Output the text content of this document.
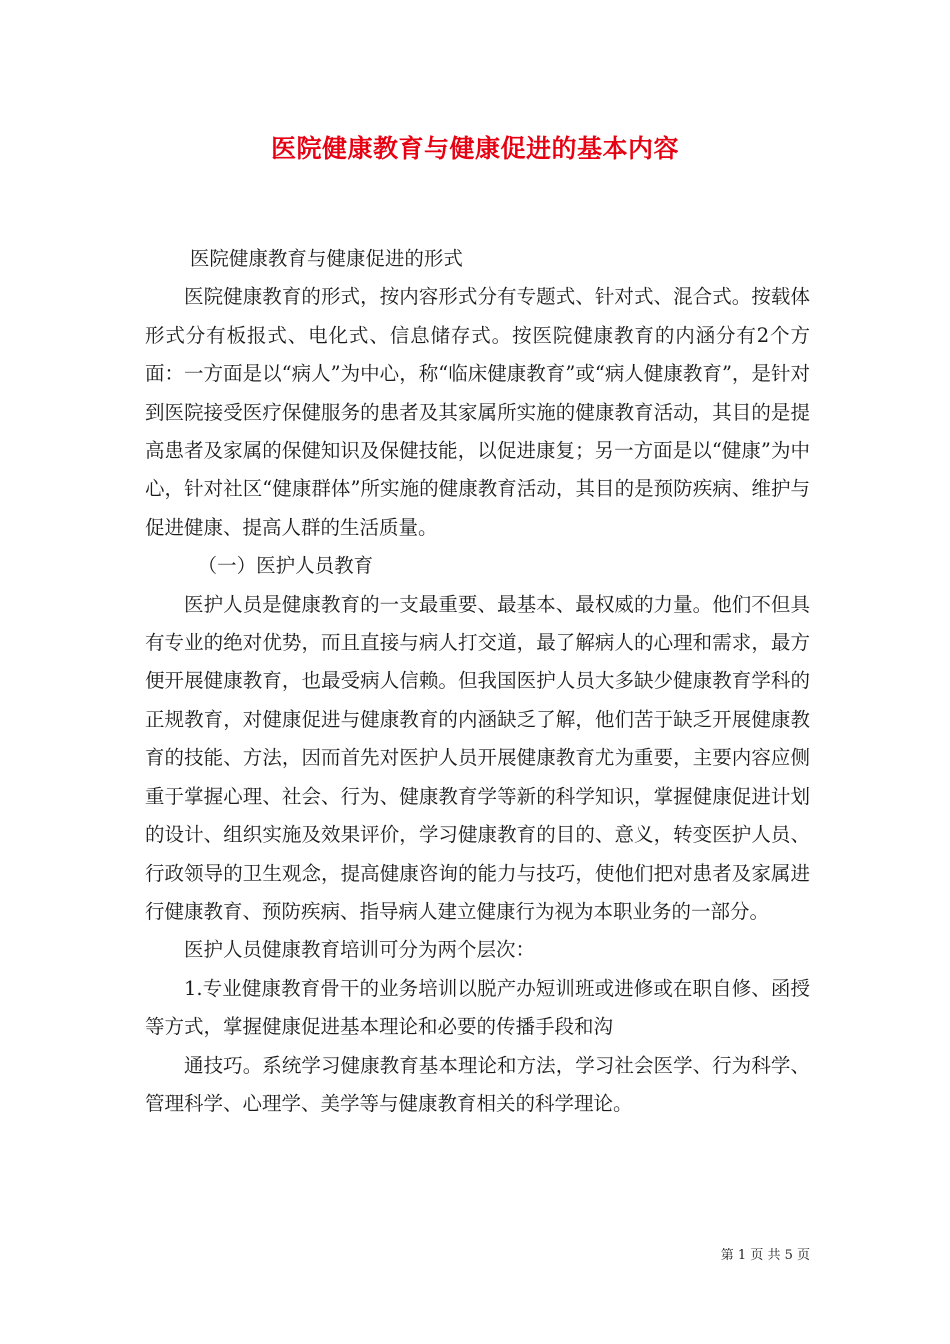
医院健康教育与健康促进的基本内容

医院健康教育与健康促进的形式

医院健康教育的形式，按内容形式分有专题式、针对式、混合式。按载体形式分有板报式、电化式、信息储存式。按医院健康教育的内涵分有2个方面：一方面是以“病人”为中心，称“临床健康教育”或“病人健康教育”，是针对到医院接受医疗保健服务的患者及其家属所实施的健康教育活动，其目的是提高患者及家属的保健知识及保健技能，以促进康复；另一方面是以“健康”为中心，针对社区“健康群体”所实施的健康教育活动，其目的是预防疾病、维护与促进健康、提高人群的生活质量。

（一）医护人员教育

医护人员是健康教育的一支最重要、最基本、最权威的力量。他们不但具有专业的绝对优势，而且直接与病人打交道，最了解病人的心理和需求，最方便开展健康教育，也最受病人信赖。但我国医护人员大多缺少健康教育学科的正规教育，对健康促进与健康教育的内涵缺乏了解，他们苦于缺乏开展健康教育的技能、方法，因而首先对医护人员开展健康教育尤为重要，主要内容应侧重于掌握心理、社会、行为、健康教育学等新的科学知识，掌握健康促进计划的设计、组织实施及效果评价，学习健康教育的目的、意义，转变医护人员、行政领导的卫生观念，提高健康咨询的能力与技巧，使他们把对患者及家属进行健康教育、预防疾病、指导病人建立健康行为视为本职业务的一部分。

医护人员健康教育培训可分为两个层次：

1.专业健康教育骨干的业务培训以脱产办短训班或进修或在职自修、函授等方式，掌握健康促进基本理论和必要的传播手段和沟

通技巧。系统学习健康教育基本理论和方法，学习社会医学、行为科学、管理科学、心理学、美学等与健康教育相关的科学理论。

第 1 页 共 5 页
